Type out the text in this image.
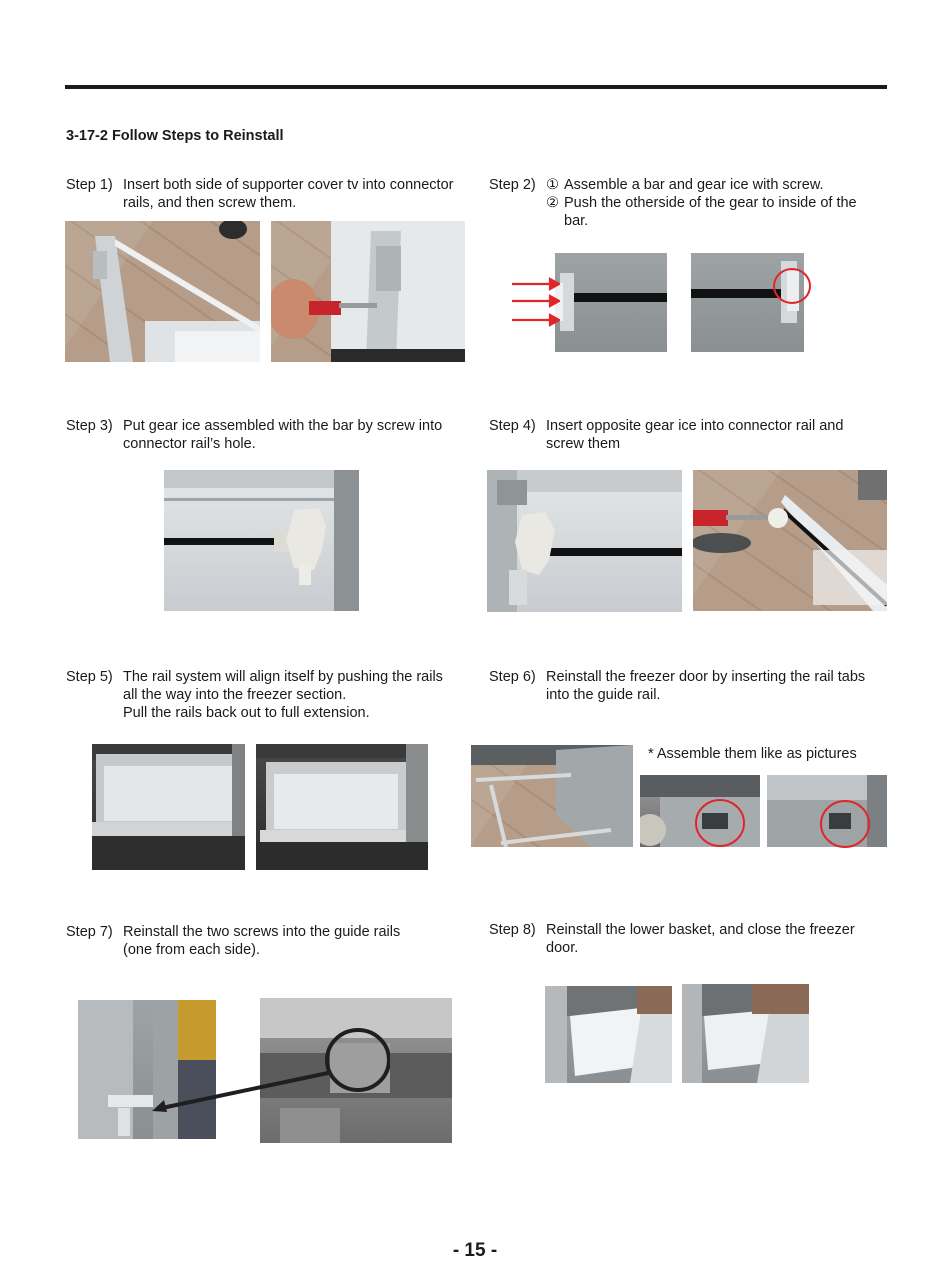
3-17-2 Follow Steps to Reinstall
Step 1) Insert both side of supporter cover tv into connector
rails, and then screw them.
Step 2) ① Assemble a bar and gear ice with screw.
② Push the otherside of the gear to inside of the bar.
Step 3) Put gear ice assembled with the bar by screw into
connector rail’s hole.
Step 4) Insert opposite gear ice into connector rail and
screw them
Step 5) The rail system will align itself by pushing the rails
all the way into the freezer section.
Pull the rails back out to full extension.
Step 6) Reinstall the freezer door by inserting the rail tabs
into the guide rail.
* Assemble them like as pictures
Step 7) Reinstall the two screws into the guide rails
(one from each side).
Step 8) Reinstall the lower basket, and close the freezer
door.
- 15 -
